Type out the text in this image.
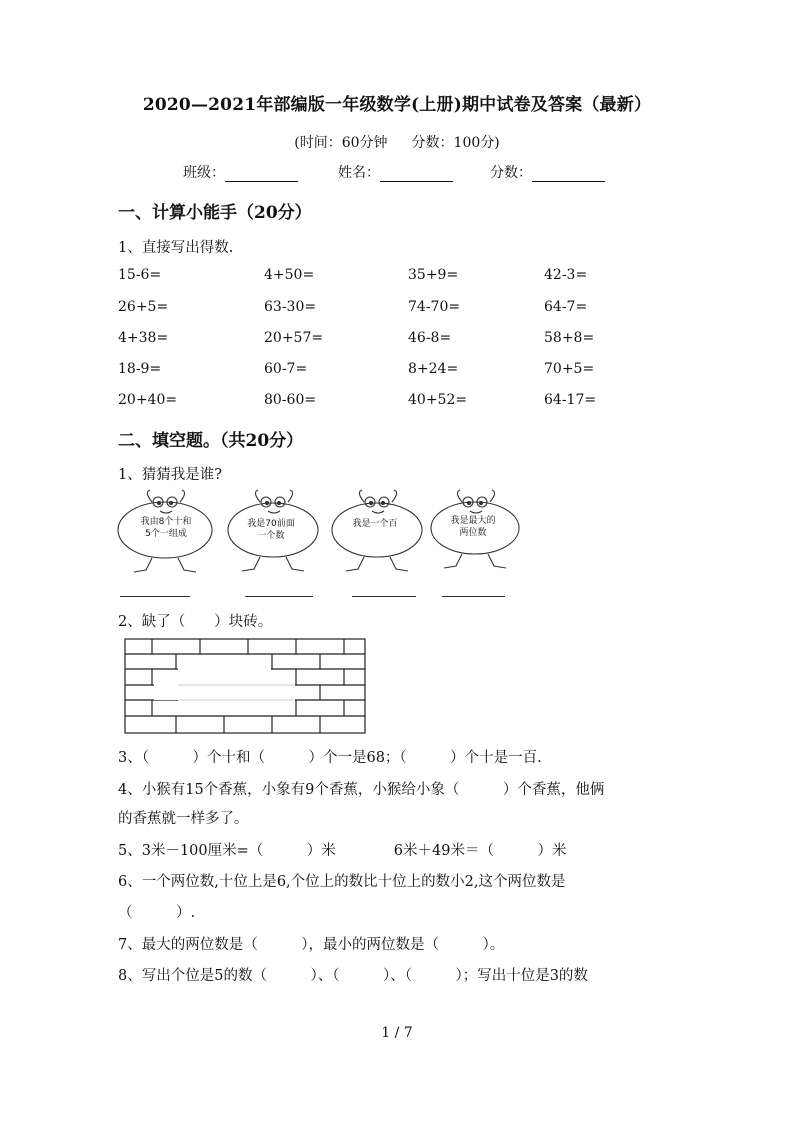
2020—2021年部编版一年级数学(上册)期中试卷及答案（最新）
(时间：60分钟 分数：100分)
班级：	姓名：	分数：
一、计算小能手（20分）
1、直接写出得数.
15-6=	4+50=	35+9=	42-3=
26+5=	63-30=	74-70=	64-7=
4+38=	20+57=	46-8=	58+8=
18-9=	60-7=	8+24=	70+5=
20+40=	80-60=	40+52=	64-17=
二、填空题。（共20分）
1、猜猜我是谁?
我由8个十和
5个一组成
我是70前面
一个数
我是一个百	我是最大的
两位数
2、缺了（　　）块砖。
3、（　　　）个十和（　　　）个一是68；（　　　）个十是一百.
4、小猴有15个香蕉，小象有9个香蕉，小猴给小象（　　　）个香蕉，他俩
的香蕉就一样多了。
5、3米－100厘米=（　　　）米　　　　6米＋49米＝（　　　）米
6、一个两位数,十位上是6,个位上的数比十位上的数小2,这个两位数是
（　　　）.
7、最大的两位数是（　　　），最小的两位数是（　　　）。
8、写出个位是5的数（　　　）、（　　　）、（　　　）；写出十位是3的数
1 / 7
